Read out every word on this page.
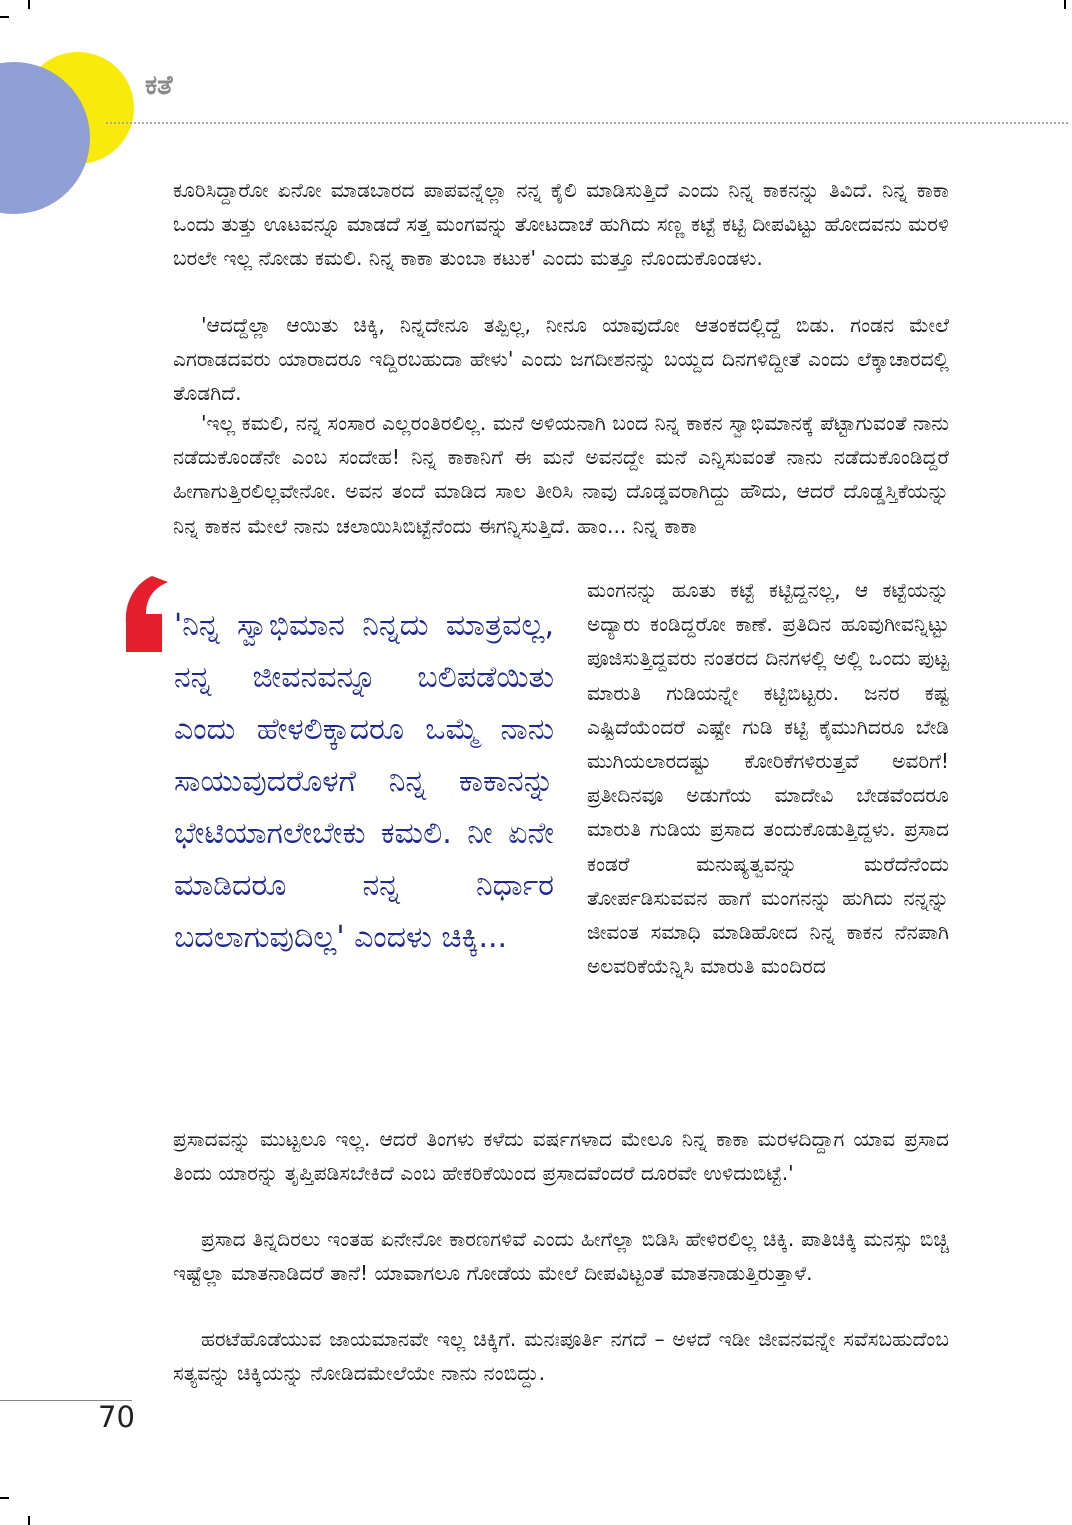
ಕತೆ

ಕೂರಿಸಿದ್ದಾರೋ ಏನೋ ಮಾಡಬಾರದ ಪಾಪವನ್ನೆಲ್ಲಾ ನನ್ನ ಕೈಲಿ ಮಾಡಿಸುತ್ತಿದೆ ಎಂದು ನಿನ್ನ ಕಾಕನನ್ನು ತಿವಿದೆ. ನಿನ್ನ ಕಾಕಾ ಒಂದು ತುತ್ತು ಊಟವನ್ನೂ ಮಾಡದೆ ಸತ್ತ ಮಂಗವನ್ನು ತೋಟದಾಚೆ ಹುಗಿದು ಸಣ್ಣ ಕಟ್ಟೆ ಕಟ್ಟಿ ದೀಪವಿಟ್ಟು ಹೋದವನು ಮರಳಿ ಬರಲೇ ಇಲ್ಲ ನೋಡು ಕಮಲಿ. ನಿನ್ನ ಕಾಕಾ ತುಂಬಾ ಕಟುಕ' ಎಂದು ಮತ್ತೂ ನೊಂದುಕೊಂಡಳು.

'ಆದದ್ದೆಲ್ಲಾ ಆಯಿತು ಚಿಕ್ಕಿ, ನಿನ್ನದೇನೂ ತಪ್ಪಿಲ್ಲ, ನೀನೂ ಯಾವುದೋ ಆತಂಕದಲ್ಲಿದ್ದೆ ಬಿಡು. ಗಂಡನ ಮೇಲೆ ಎಗರಾಡದವರು ಯಾರಾದರೂ ಇದ್ದಿರಬಹುದಾ ಹೇಳು' ಎಂದು ಜಗದೀಶನನ್ನು ಬಯ್ದದ ದಿನಗಳಿದ್ದೀತೆ ಎಂದು ಲೆಕ್ಕಾಚಾರದಲ್ಲಿ ತೊಡಗಿದೆ.

'ಇಲ್ಲ ಕಮಲಿ, ನನ್ನ ಸಂಸಾರ ಎಲ್ಲರಂತಿರಲಿಲ್ಲ. ಮನೆ ಅಳಿಯನಾಗಿ ಬಂದ ನಿನ್ನ ಕಾಕನ ಸ್ವಾಭಿಮಾನಕ್ಕೆ ಪೆಟ್ಟಾಗುವಂತೆ ನಾನು ನಡೆದುಕೊಂಡೆನೇ ಎಂಬ ಸಂದೇಹ! ನಿನ್ನ ಕಾಕಾನಿಗೆ ಈ ಮನೆ ಅವನದ್ದೇ ಮನೆ ಎನ್ನಿಸುವಂತೆ ನಾನು ನಡೆದುಕೊಂಡಿದ್ದರೆ ಹೀಗಾಗುತ್ತಿರಲಿಲ್ಲವೇನೋ. ಅವನ ತಂದೆ ಮಾಡಿದ ಸಾಲ ತೀರಿಸಿ ನಾವು ದೊಡ್ಡವರಾಗಿದ್ದು ಹೌದು, ಆದರೆ ದೊಡ್ಡಸ್ತಿಕೆಯನ್ನು ನಿನ್ನ ಕಾಕನ ಮೇಲೆ ನಾನು ಚಲಾಯಿಸಿಬಿಟ್ಟೆನೆಂದು ಈಗನ್ನಿಸುತ್ತಿದೆ. ಹಾಂ... ನಿನ್ನ ಕಾಕಾ

'ನಿನ್ನ ಸ್ವಾಭಿಮಾನ ನಿನ್ನದು ಮಾತ್ರವಲ್ಲ, ನನ್ನ ಜೀವನವನ್ನೂ ಬಲಿಪಡೆಯಿತು ಎಂದು ಹೇಳಲಿಕ್ಕಾದರೂ ಒಮ್ಮೆ ನಾನು ಸಾಯುವುದರೊಳಗೆ ನಿನ್ನ ಕಾಕಾನನ್ನು ಭೇಟಿಯಾಗಲೇಬೇಕು ಕಮಲಿ. ನೀ ಏನೇ ಮಾಡಿದರೂ ನನ್ನ ನಿರ್ಧಾರ ಬದಲಾಗುವುದಿಲ್ಲ' ಎಂದಳು ಚಿಕ್ಕಿ...

ಮಂಗನನ್ನು ಹೂತು ಕಟ್ಟೆ ಕಟ್ಟಿದ್ದನಲ್ಲ, ಆ ಕಟ್ಟೆಯನ್ನು ಅದ್ಯಾರು ಕಂಡಿದ್ದರೋ ಕಾಣೆ. ಪ್ರತಿದಿನ ಹೂವುಗೀವನ್ನಿಟ್ಟು ಪೂಜಿಸುತ್ತಿದ್ದವರು ನಂತರದ ದಿನಗಳಲ್ಲಿ ಅಲ್ಲಿ ಒಂದು ಪುಟ್ಟ ಮಾರುತಿ ಗುಡಿಯನ್ನೇ ಕಟ್ಟಿಬಿಟ್ಟರು. ಜನರ ಕಷ್ಟ ಎಷ್ಟಿದೆಯೆಂದರೆ ಎಷ್ಟೇ ಗುಡಿ ಕಟ್ಟಿ ಕೈಮುಗಿದರೂ ಬೇಡಿ ಮುಗಿಯಲಾರದಷ್ಟು ಕೋರಿಕೆಗಳಿರುತ್ತವೆ ಅವರಿಗೆ! ಪ್ರತೀದಿನವೂ ಅಡುಗೆಯ ಮಾದೇವಿ ಬೇಡವೆಂದರೂ ಮಾರುತಿ ಗುಡಿಯ ಪ್ರಸಾದ ತಂದುಕೊಡುತ್ತಿದ್ದಳು. ಪ್ರಸಾದ ಕಂಡರೆ ಮನುಷ್ಯತ್ವವನ್ನು ಮರೆದೆನೆಂದು ತೋರ್ಪಡಿಸುವವನ ಹಾಗೆ ಮಂಗನನ್ನು ಹುಗಿದು ನನ್ನನ್ನು ಜೀವಂತ ಸಮಾಧಿ ಮಾಡಿಹೋದ ನಿನ್ನ ಕಾಕನ ನೆನಪಾಗಿ ಅಲವರಿಕೆಯೆನ್ನಿಸಿ ಮಾರುತಿ ಮಂದಿರದ

ಪ್ರಸಾದವನ್ನು ಮುಟ್ಟಲೂ ಇಲ್ಲ. ಆದರೆ ತಿಂಗಳು ಕಳೆದು ವರ್ಷಗಳಾದ ಮೇಲೂ ನಿನ್ನ ಕಾಕಾ ಮರಳದಿದ್ದಾಗ ಯಾವ ಪ್ರಸಾದ ತಿಂದು ಯಾರನ್ನು ತೃಪ್ತಿಪಡಿಸಬೇಕಿದೆ ಎಂಬ ಹೇಕರಿಕೆಯಿಂದ ಪ್ರಸಾದವೆಂದರೆ ದೂರವೇ ಉಳಿದುಬಿಟ್ಟೆ.'

ಪ್ರಸಾದ ತಿನ್ನದಿರಲು ಇಂತಹ ಏನೇನೋ ಕಾರಣಗಳಿವೆ ಎಂದು ಹೀಗೆಲ್ಲಾ ಬಿಡಿಸಿ ಹೇಳಿರಲಿಲ್ಲ ಚಿಕ್ಕಿ. ಪಾತಿಚಿಕ್ಕಿ ಮನಸ್ಸು ಬಿಚ್ಚಿ ಇಷ್ಟೆಲ್ಲಾ ಮಾತನಾಡಿದರೆ ತಾನೆ! ಯಾವಾಗಲೂ ಗೋಡೆಯ ಮೇಲೆ ದೀಪವಿಟ್ಟಂತೆ ಮಾತನಾಡುತ್ತಿರುತ್ತಾಳೆ.

ಹರಟೆಹೊಡೆಯುವ ಜಾಯಮಾನವೇ ಇಲ್ಲ ಚಿಕ್ಕಿಗೆ. ಮನಃಪೂರ್ತಿ ನಗದೆ – ಅಳದೆ ಇಡೀ ಜೀವನವನ್ನೇ ಸವೆಸಬಹುದೆಂಬ ಸತ್ಯವನ್ನು ಚಿಕ್ಕಿಯನ್ನು ನೋಡಿದಮೇಲೆಯೇ ನಾನು ನಂಬಿದ್ದು.

70
